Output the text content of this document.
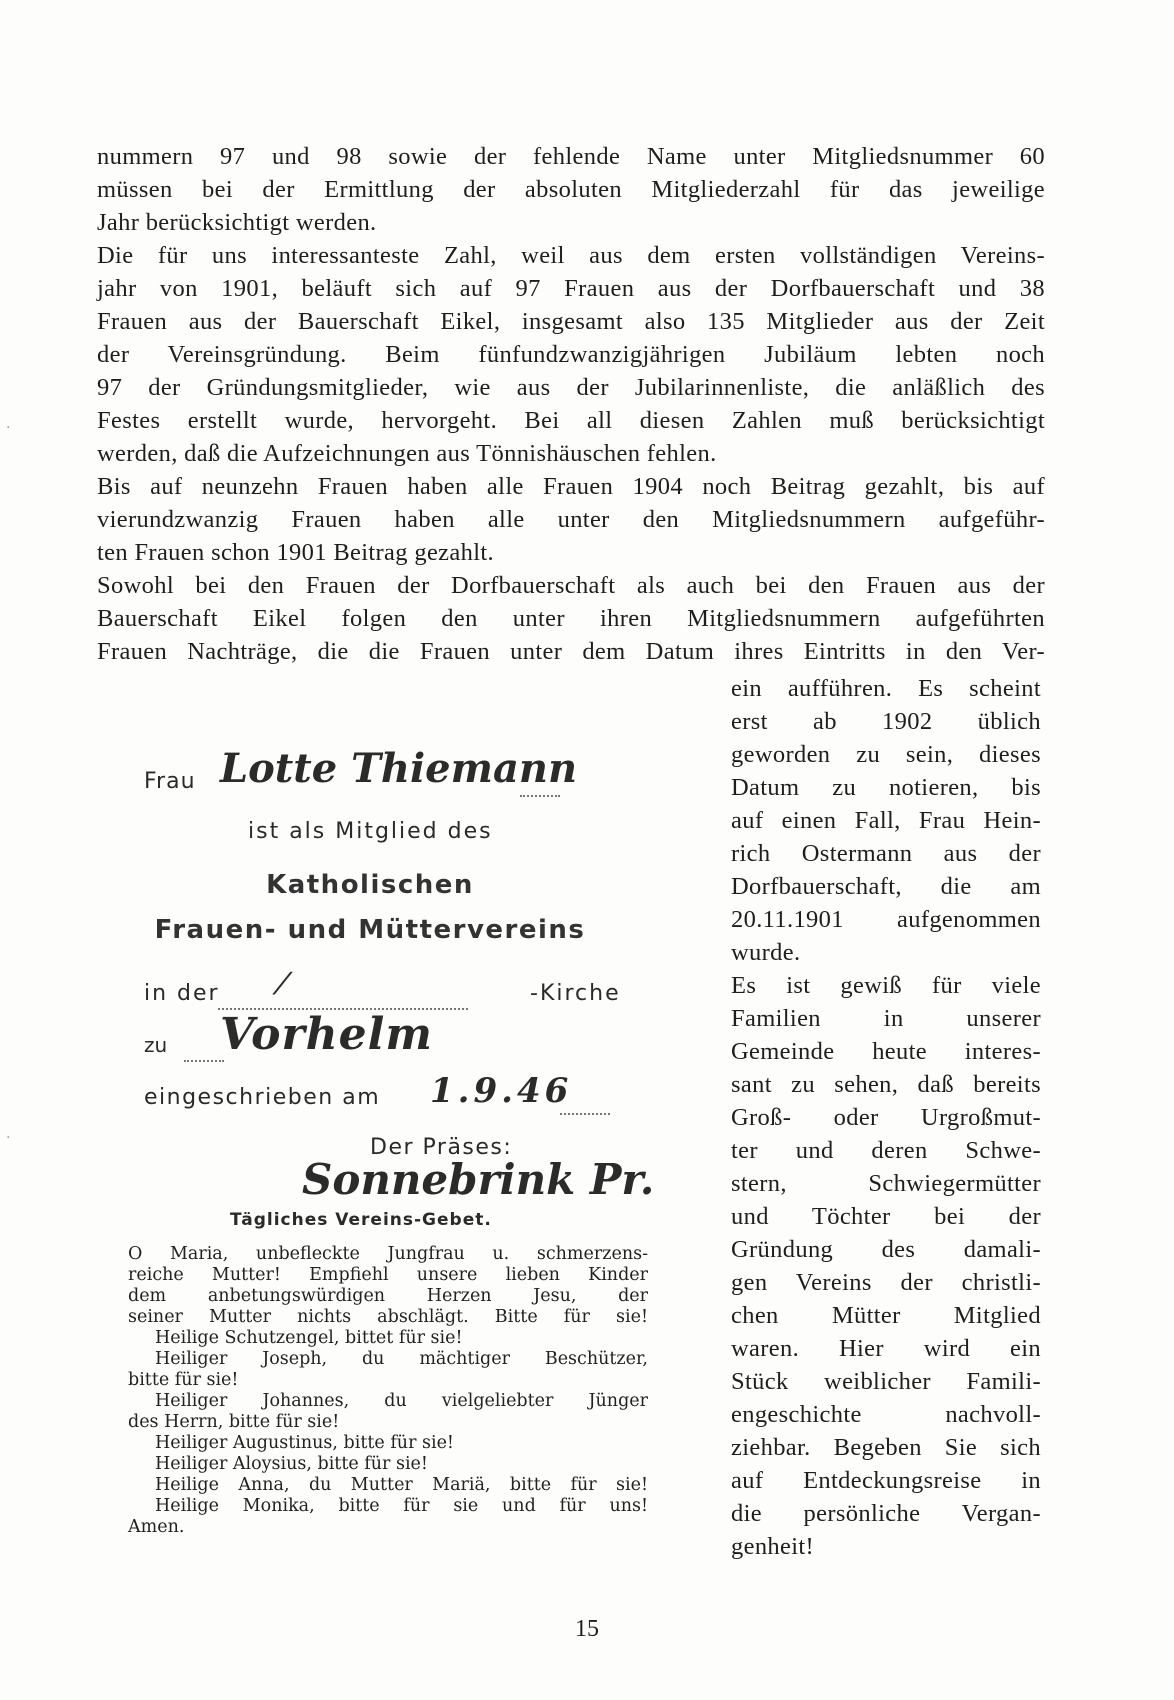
nummern 97 und 98 sowie der fehlende Name unter Mitgliedsnummer 60
müssen bei der Ermittlung der absoluten Mitgliederzahl für das jeweilige
Jahr berücksichtigt werden.
Die für uns interessanteste Zahl, weil aus dem ersten vollständigen Vereins-
jahr von 1901, beläuft sich auf 97 Frauen aus der Dorfbauerschaft und 38
Frauen aus der Bauerschaft Eikel, insgesamt also 135 Mitglieder aus der Zeit
der Vereinsgründung. Beim fünfundzwanzigjährigen Jubiläum lebten noch
97 der Gründungsmitglieder, wie aus der Jubilarinnenliste, die anläßlich des
Festes erstellt wurde, hervorgeht. Bei all diesen Zahlen muß berücksichtigt
werden, daß die Aufzeichnungen aus Tönnishäuschen fehlen.
Bis auf neunzehn Frauen haben alle Frauen 1904 noch Beitrag gezahlt, bis auf
vierundzwanzig Frauen haben alle unter den Mitgliedsnummern aufgeführ-
ten Frauen schon 1901 Beitrag gezahlt.
Sowohl bei den Frauen der Dorfbauerschaft als auch bei den Frauen aus der
Bauerschaft Eikel folgen den unter ihren Mitgliedsnummern aufgeführten
Frauen Nachträge, die die Frauen unter dem Datum ihres Eintritts in den Ver-
ein aufführen. Es scheint
erst ab 1902 üblich
geworden zu sein, dieses
Datum zu notieren, bis
auf einen Fall, Frau Hein-
rich Ostermann aus der
Dorfbauerschaft, die am
20.11.1901 aufgenommen
wurde.
Es ist gewiß für viele
Familien in unserer
Gemeinde heute interes-
sant zu sehen, daß bereits
Groß- oder Urgroßmut-
ter und deren Schwe-
stern, Schwiegermütter
und Töchter bei der
Gründung des damali-
gen Vereins der christli-
chen Mütter Mitglied
waren. Hier wird ein
Stück weiblicher Famili-
engeschichte nachvoll-
ziehbar. Begeben Sie sich
auf Entdeckungsreise in
die persönliche Vergan-
genheit!
Frau Lotte Thiemann
ist als Mitglied des
Katholischen
Frauen- und Müttervereins
in der ⁄	-Kirche
zu Vorhelm
eingeschrieben am 1.9.46
Der Präses:
Sonnebrink Pr.
Tägliches Vereins-Gebet.
O Maria, unbefleckte Jungfrau u. schmerzens-
reiche Mutter! Empfiehl unsere lieben Kinder
dem anbetungswürdigen Herzen Jesu, der
seiner Mutter nichts abschlägt. Bitte für sie!
Heilige Schutzengel, bittet für sie!
Heiliger Joseph, du mächtiger Beschützer,
bitte für sie!
Heiliger Johannes, du vielgeliebter Jünger
des Herrn, bitte für sie!
Heiliger Augustinus, bitte für sie!
Heiliger Aloysius, bitte für sie!
Heilige Anna, du Mutter Mariä, bitte für sie!
Heilige Monika, bitte für sie und für uns!
Amen.
15
·
·
